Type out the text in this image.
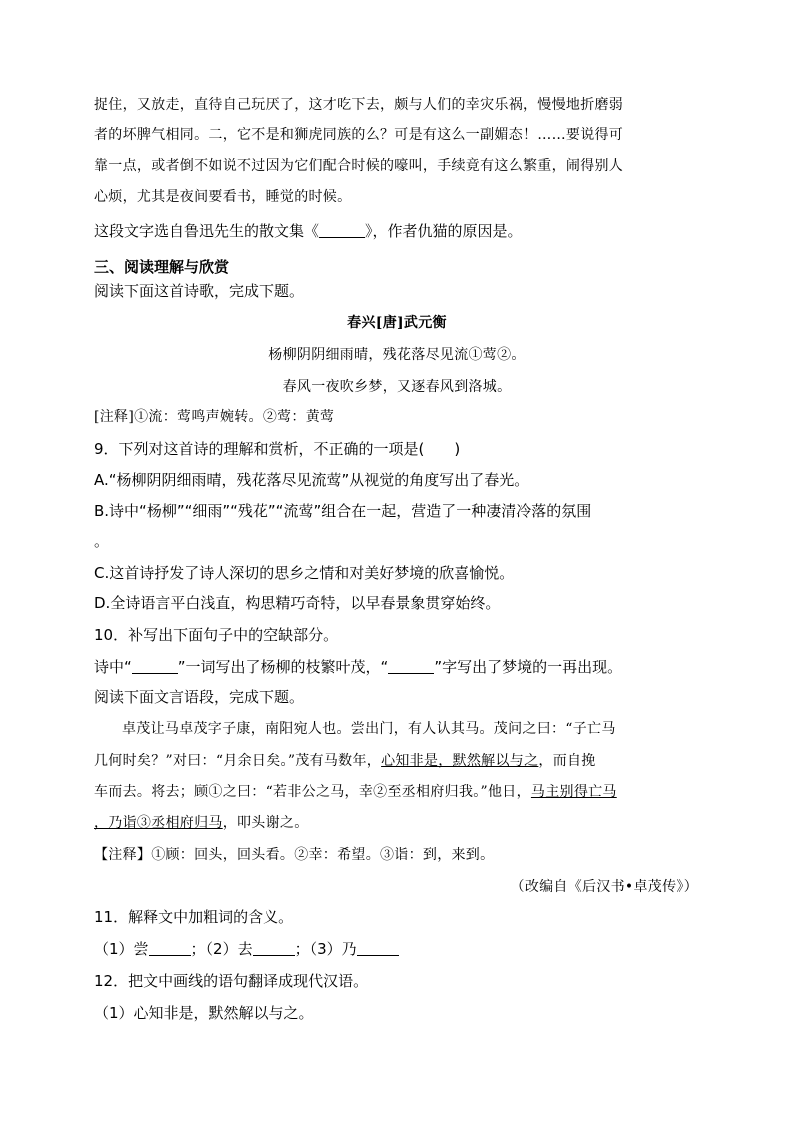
捉住，又放走，直待自己玩厌了，这才吃下去，颇与人们的幸灾乐祸，慢慢地折磨弱
者的坏脾气相同。二，它不是和狮虎同族的么？可是有这么一副媚态！……要说得可
靠一点，或者倒不如说不过因为它们配合时候的嚎叫，手续竟有这么繁重，闹得别人
心烦，尤其是夜间要看书，睡觉的时候。
这段文字选自鲁迅先生的散文集《	》，作者仇猫的原因是。
三、阅读理解与欣赏
阅读下面这首诗歌，完成下题。
春兴[唐]武元衡
杨柳阴阴细雨晴，残花落尽见流①莺②。
春风一夜吹乡梦，又逐春风到洛城。
[注释]①流：莺鸣声婉转。②莺：黄莺
9．下列对这首诗的理解和赏析，不正确的一项是(　　)
A.“杨柳阴阴细雨晴，残花落尽见流莺”从视觉的角度写出了春光。
B.诗中“杨柳”“细雨”“残花”“流莺”组合在一起，营造了一种凄清冷落的氛围
。
C.这首诗抒发了诗人深切的思乡之情和对美好梦境的欣喜愉悦。
D.全诗语言平白浅直，构思精巧奇特，以早春景象贯穿始终。
10．补写出下面句子中的空缺部分。
诗中“	”一词写出了杨柳的枝繁叶茂，“	”字写出了梦境的一再出现。
阅读下面文言语段，完成下题。
卓茂让马卓茂字子康，南阳宛人也。尝出门，有人认其马。茂问之曰：“子亡马
几何时矣？”对曰：“月余日矣。”茂有马数年，心知非是，默然解以与之，而自挽
车而去。将去；顾①之曰：“若非公之马，幸②至丞相府归我。”他日，马主别得亡马
，乃诣③丞相府归马，叩头谢之。
【注释】①顾：回头，回头看。②幸：希望。③诣：到，来到。
（改编自《后汉书•卓茂传》）
11．解释文中加粗词的含义。
（1）尝	；（2）去	；（3）乃
12．把文中画线的语句翻译成现代汉语。
（1）心知非是，默然解以与之。
